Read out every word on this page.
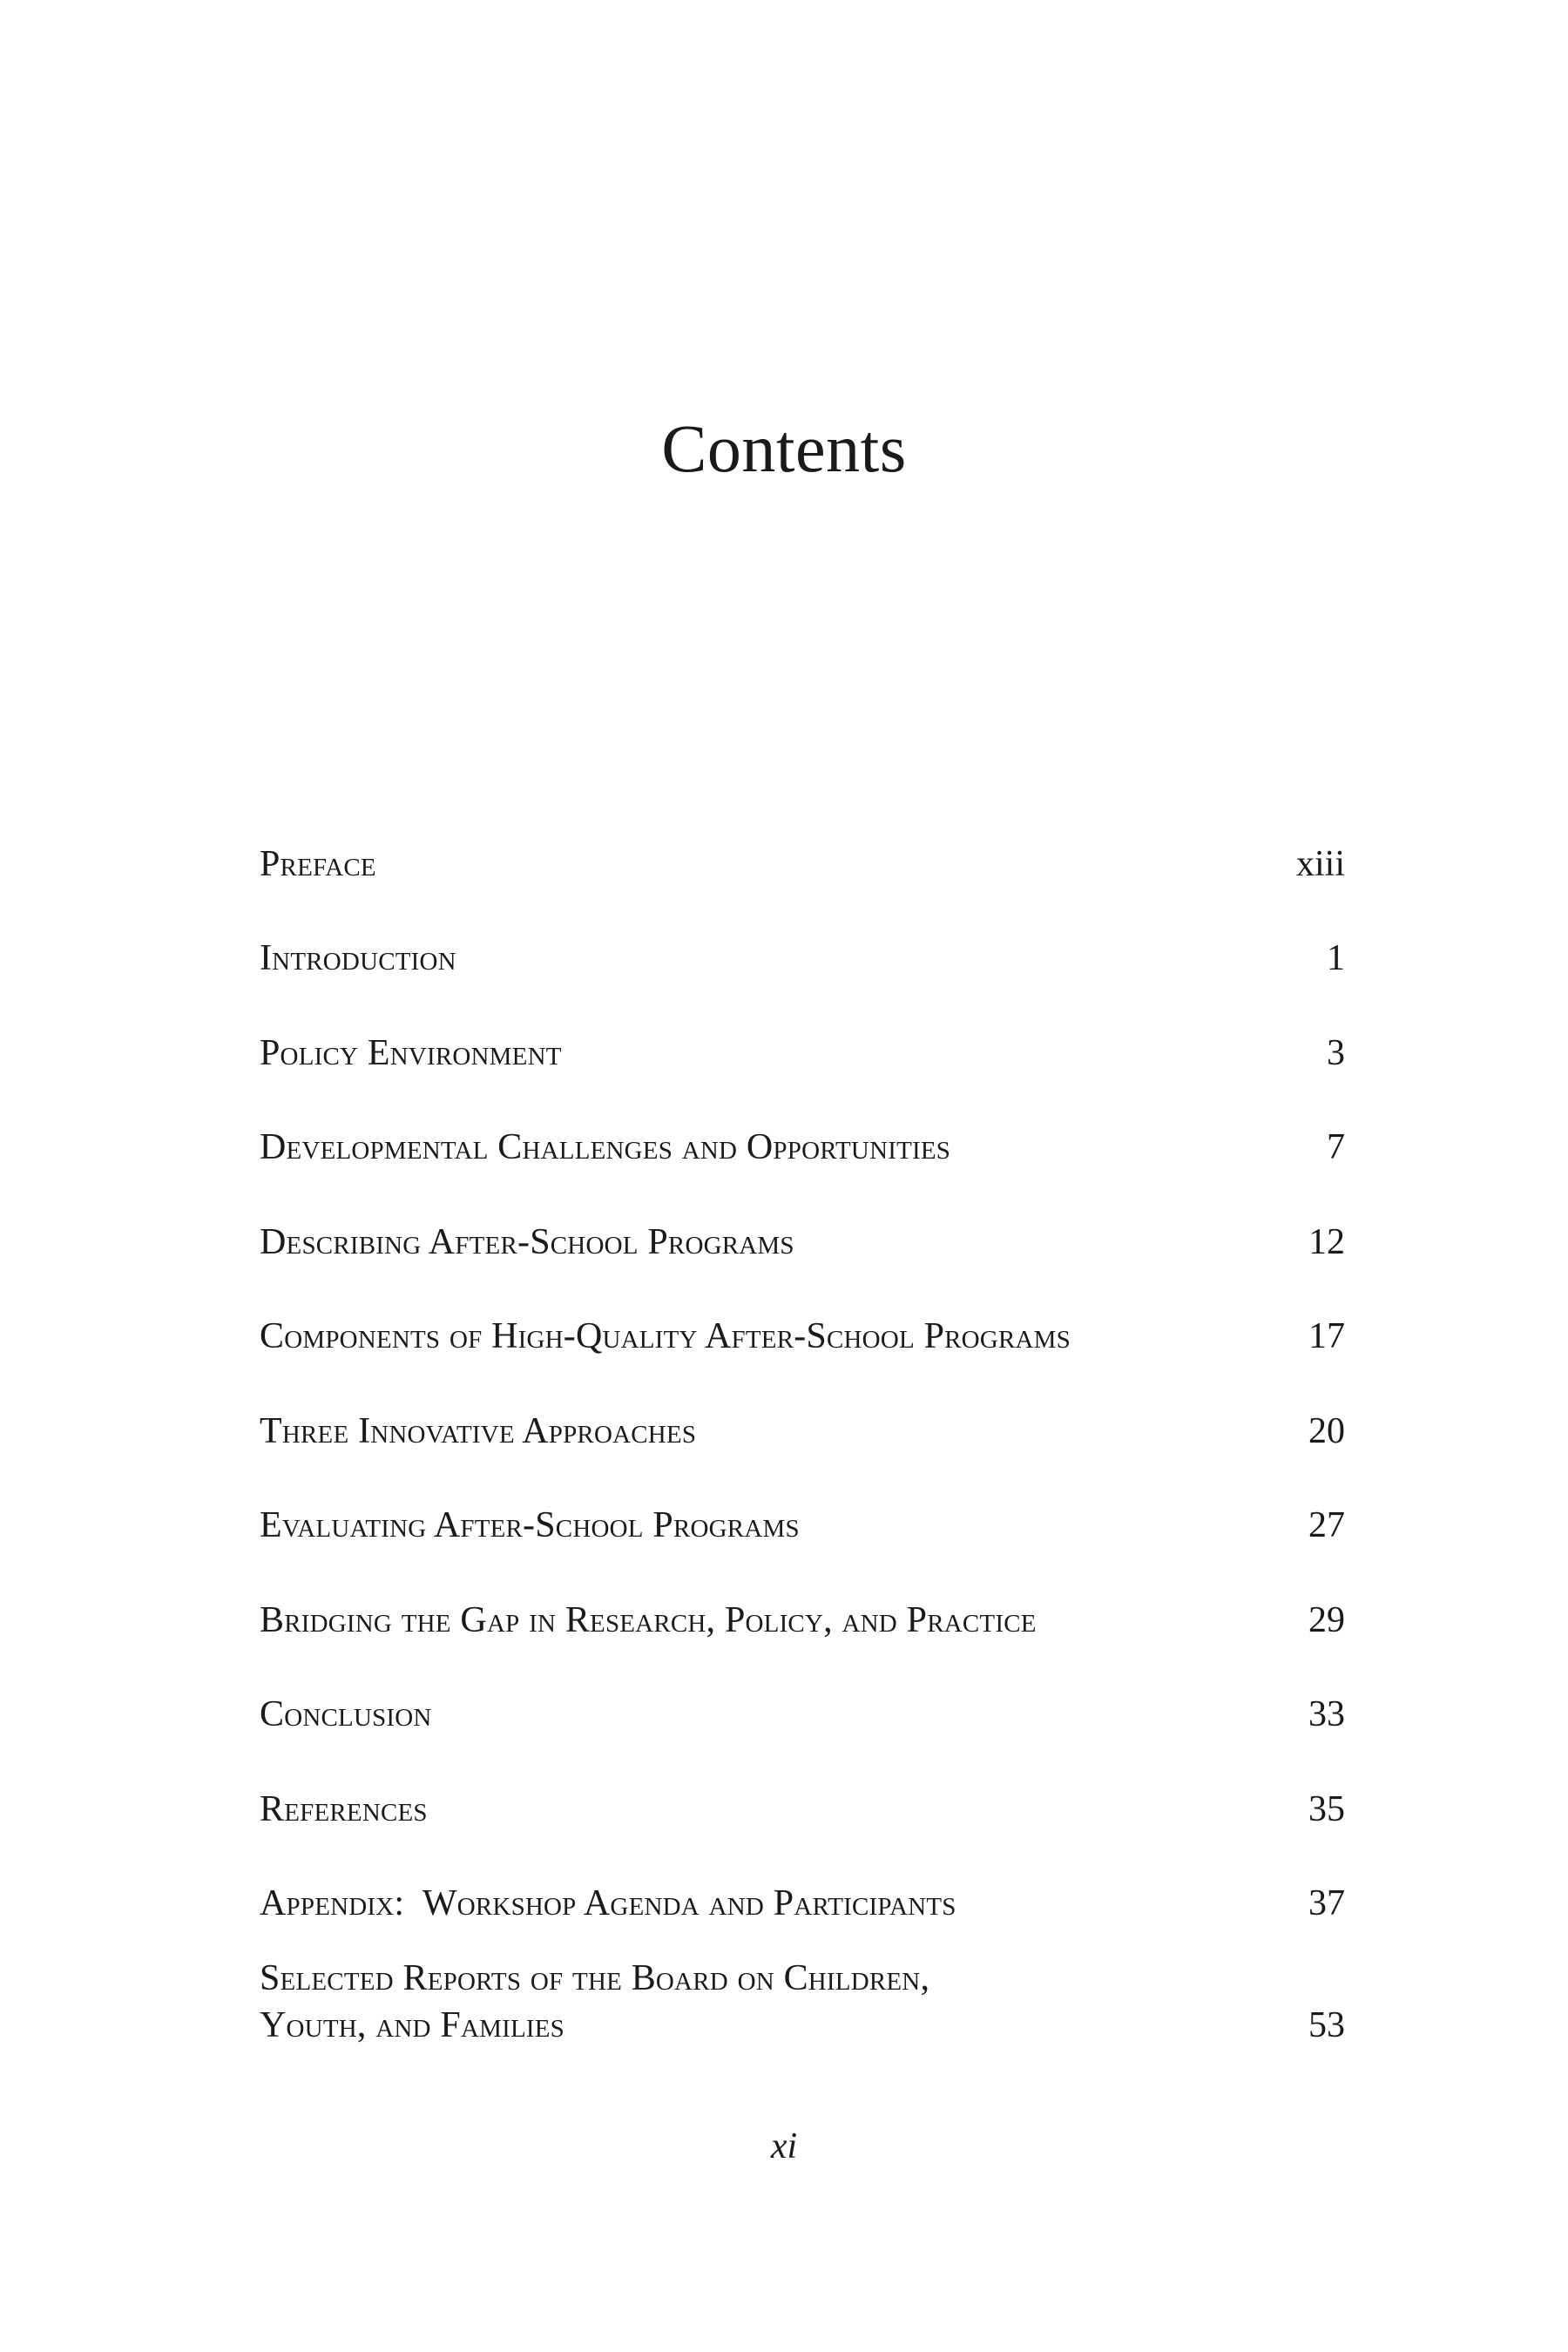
Contents
Preface	xiii
Introduction	1
Policy Environment	3
Developmental Challenges and Opportunities	7
Describing After-School Programs	12
Components of High-Quality After-School Programs	17
Three Innovative Approaches	20
Evaluating After-School Programs	27
Bridging the Gap in Research, Policy, and Practice	29
Conclusion	33
References	35
Appendix:  Workshop Agenda and Participants	37
Selected Reports of the Board on Children,
Youth, and Families	53
xi
